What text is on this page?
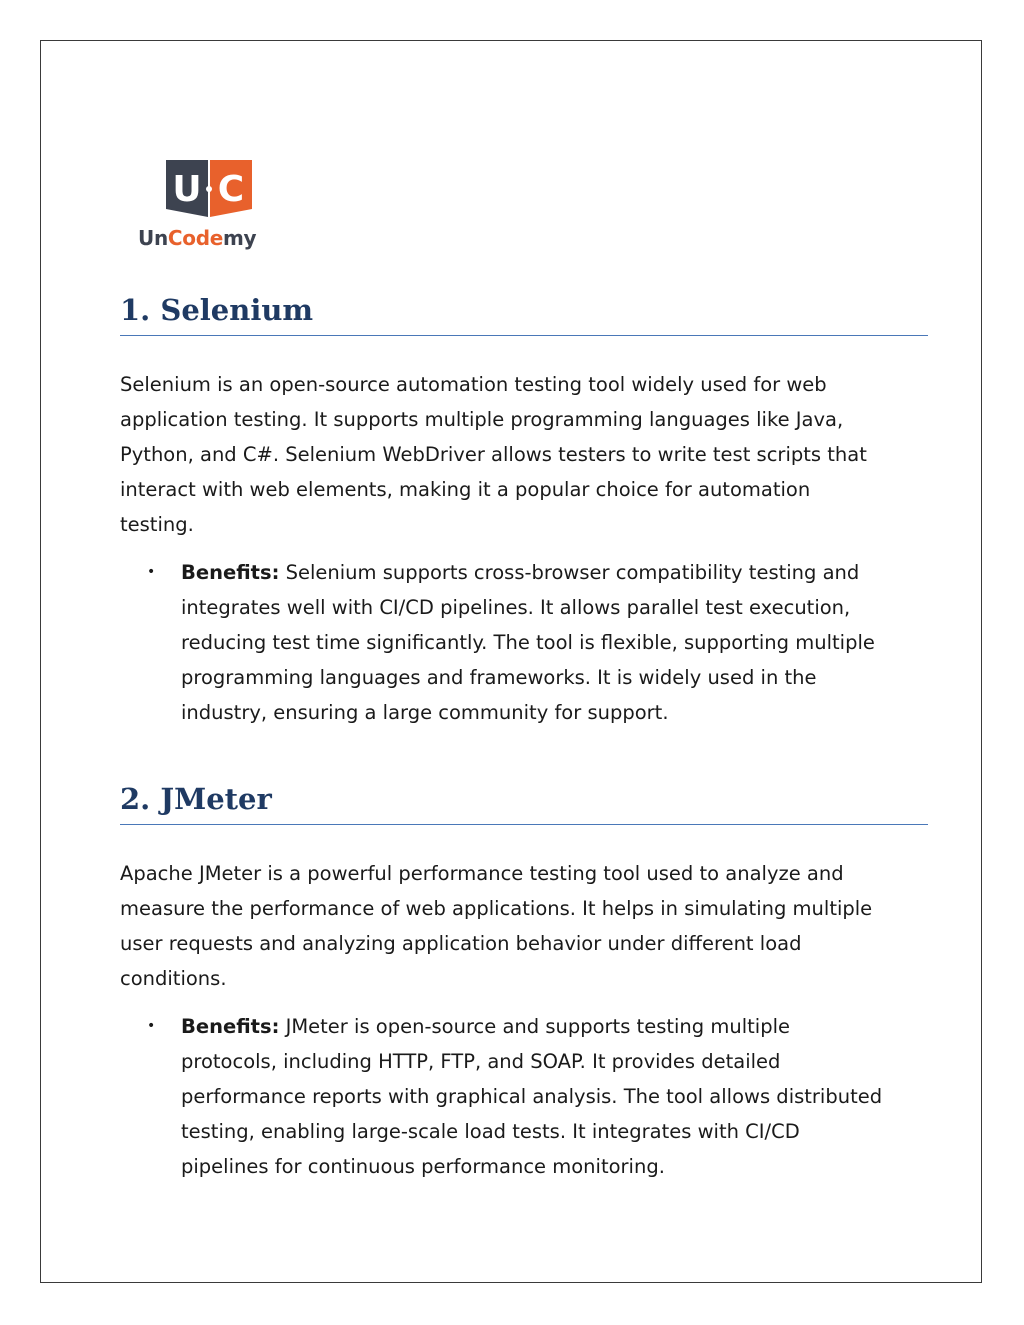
U C
UnCodemy
1. Selenium

Selenium is an open-source automation testing tool widely used for web
application testing. It supports multiple programming languages like Java,
Python, and C#. Selenium WebDriver allows testers to write test scripts that
interact with web elements, making it a popular choice for automation
testing.

• Benefits: Selenium supports cross-browser compatibility testing and
integrates well with CI/CD pipelines. It allows parallel test execution,
reducing test time significantly. The tool is flexible, supporting multiple
programming languages and frameworks. It is widely used in the
industry, ensuring a large community for support.
2. JMeter

Apache JMeter is a powerful performance testing tool used to analyze and
measure the performance of web applications. It helps in simulating multiple
user requests and analyzing application behavior under different load
conditions.

• Benefits: JMeter is open-source and supports testing multiple
protocols, including HTTP, FTP, and SOAP. It provides detailed
performance reports with graphical analysis. The tool allows distributed
testing, enabling large-scale load tests. It integrates with CI/CD
pipelines for continuous performance monitoring.
